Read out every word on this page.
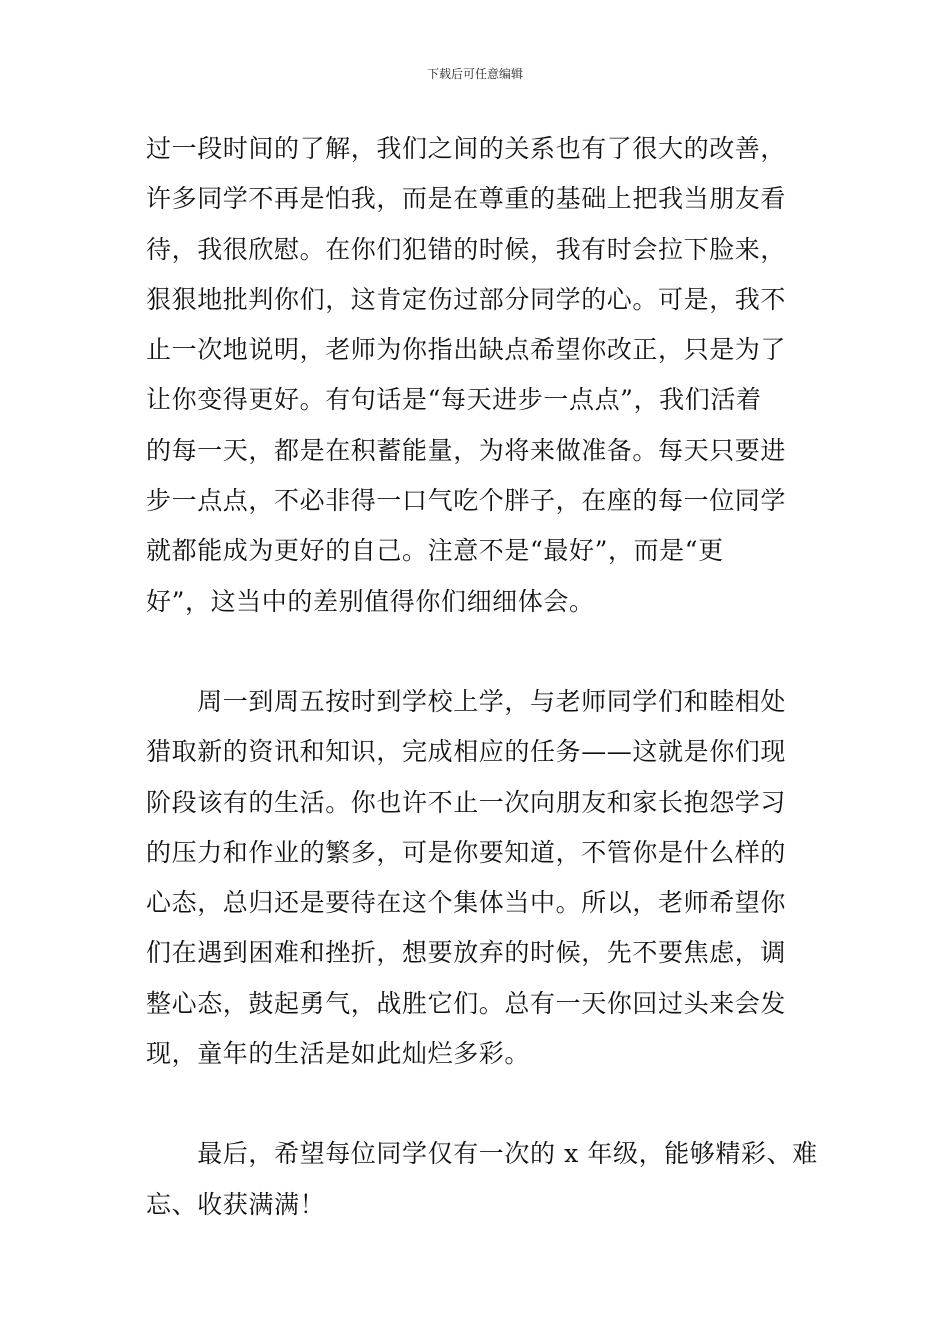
下载后可任意编辑
过一段时间的了解，我们之间的关系也有了很大的改善，
许多同学不再是怕我，而是在尊重的基础上把我当朋友看
待，我很欣慰。在你们犯错的时候，我有时会拉下脸来，
狠狠地批判你们，这肯定伤过部分同学的心。可是，我不
止一次地说明，老师为你指出缺点希望你改正，只是为了
让你变得更好。有句话是“每天进步一点点”，我们活着
的每一天，都是在积蓄能量，为将来做准备。每天只要进
步一点点，不必非得一口气吃个胖子，在座的每一位同学
就都能成为更好的自己。注意不是“最好”，而是“更
好”，这当中的差别值得你们细细体会。
　　周一到周五按时到学校上学，与老师同学们和睦相处
猎取新的资讯和知识，完成相应的任务——这就是你们现
阶段该有的生活。你也许不止一次向朋友和家长抱怨学习
的压力和作业的繁多，可是你要知道，不管你是什么样的
心态，总归还是要待在这个集体当中。所以，老师希望你
们在遇到困难和挫折，想要放弃的时候，先不要焦虑，调
整心态，鼓起勇气，战胜它们。总有一天你回过头来会发
现，童年的生活是如此灿烂多彩。
　　最后，希望每位同学仅有一次的 x 年级，能够精彩、难
忘、收获满满！
